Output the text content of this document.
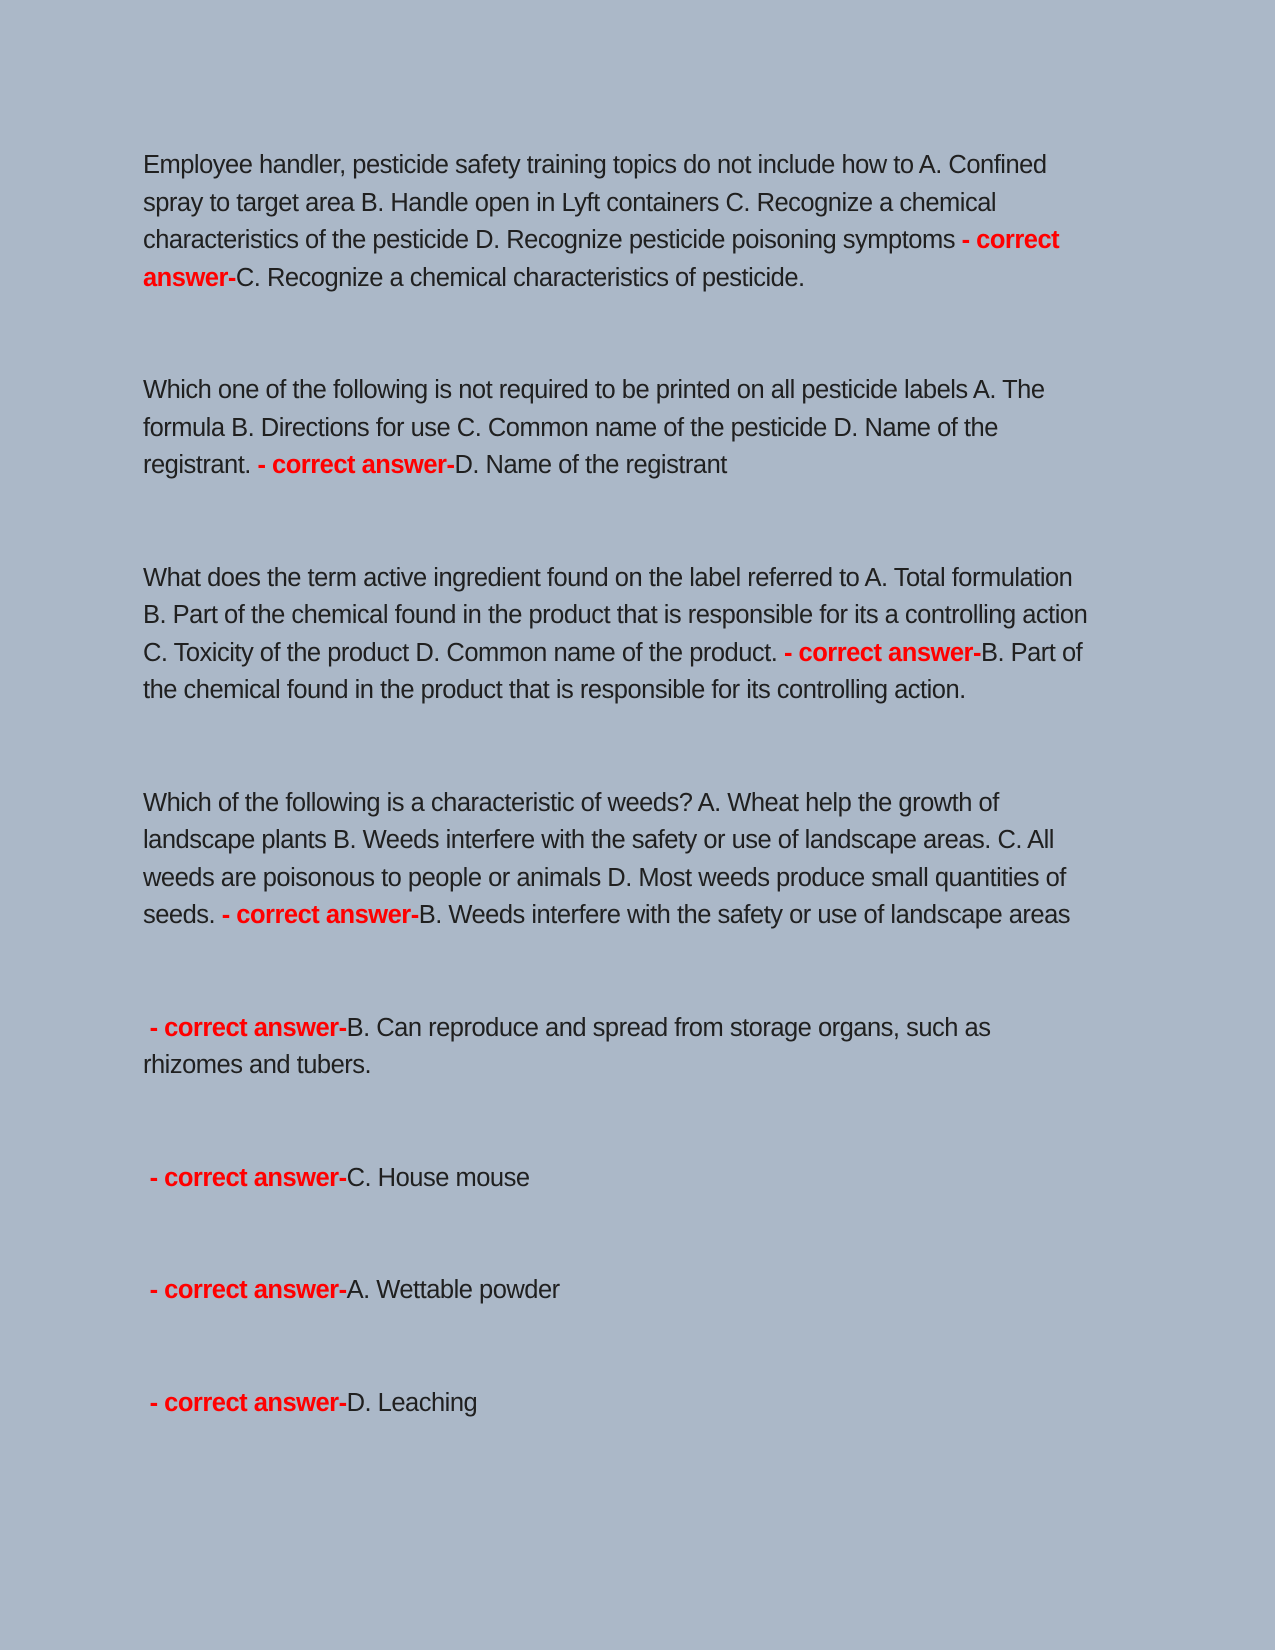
Employee handler, pesticide safety training topics do not include how to A. Confined spray to target area B. Handle open in Lyft containers C. Recognize a chemical characteristics of the pesticide D. Recognize pesticide poisoning symptoms - correct answer-C. Recognize a chemical characteristics of pesticide.

Which one of the following is not required to be printed on all pesticide labels A. The formula B. Directions for use C. Common name of the pesticide D. Name of the registrant. - correct answer-D. Name of the registrant

What does the term active ingredient found on the label referred to A. Total formulation B. Part of the chemical found in the product that is responsible for its a controlling action C. Toxicity of the product D. Common name of the product. - correct answer-B. Part of the chemical found in the product that is responsible for its controlling action.

Which of the following is a characteristic of weeds? A. Wheat help the growth of landscape plants B. Weeds interfere with the safety or use of landscape areas. C. All weeds are poisonous to people or animals D. Most weeds produce small quantities of seeds. - correct answer-B. Weeds interfere with the safety or use of landscape areas

- correct answer-B. Can reproduce and spread from storage organs, such as rhizomes and tubers.

- correct answer-C. House mouse

- correct answer-A. Wettable powder

- correct answer-D. Leaching
